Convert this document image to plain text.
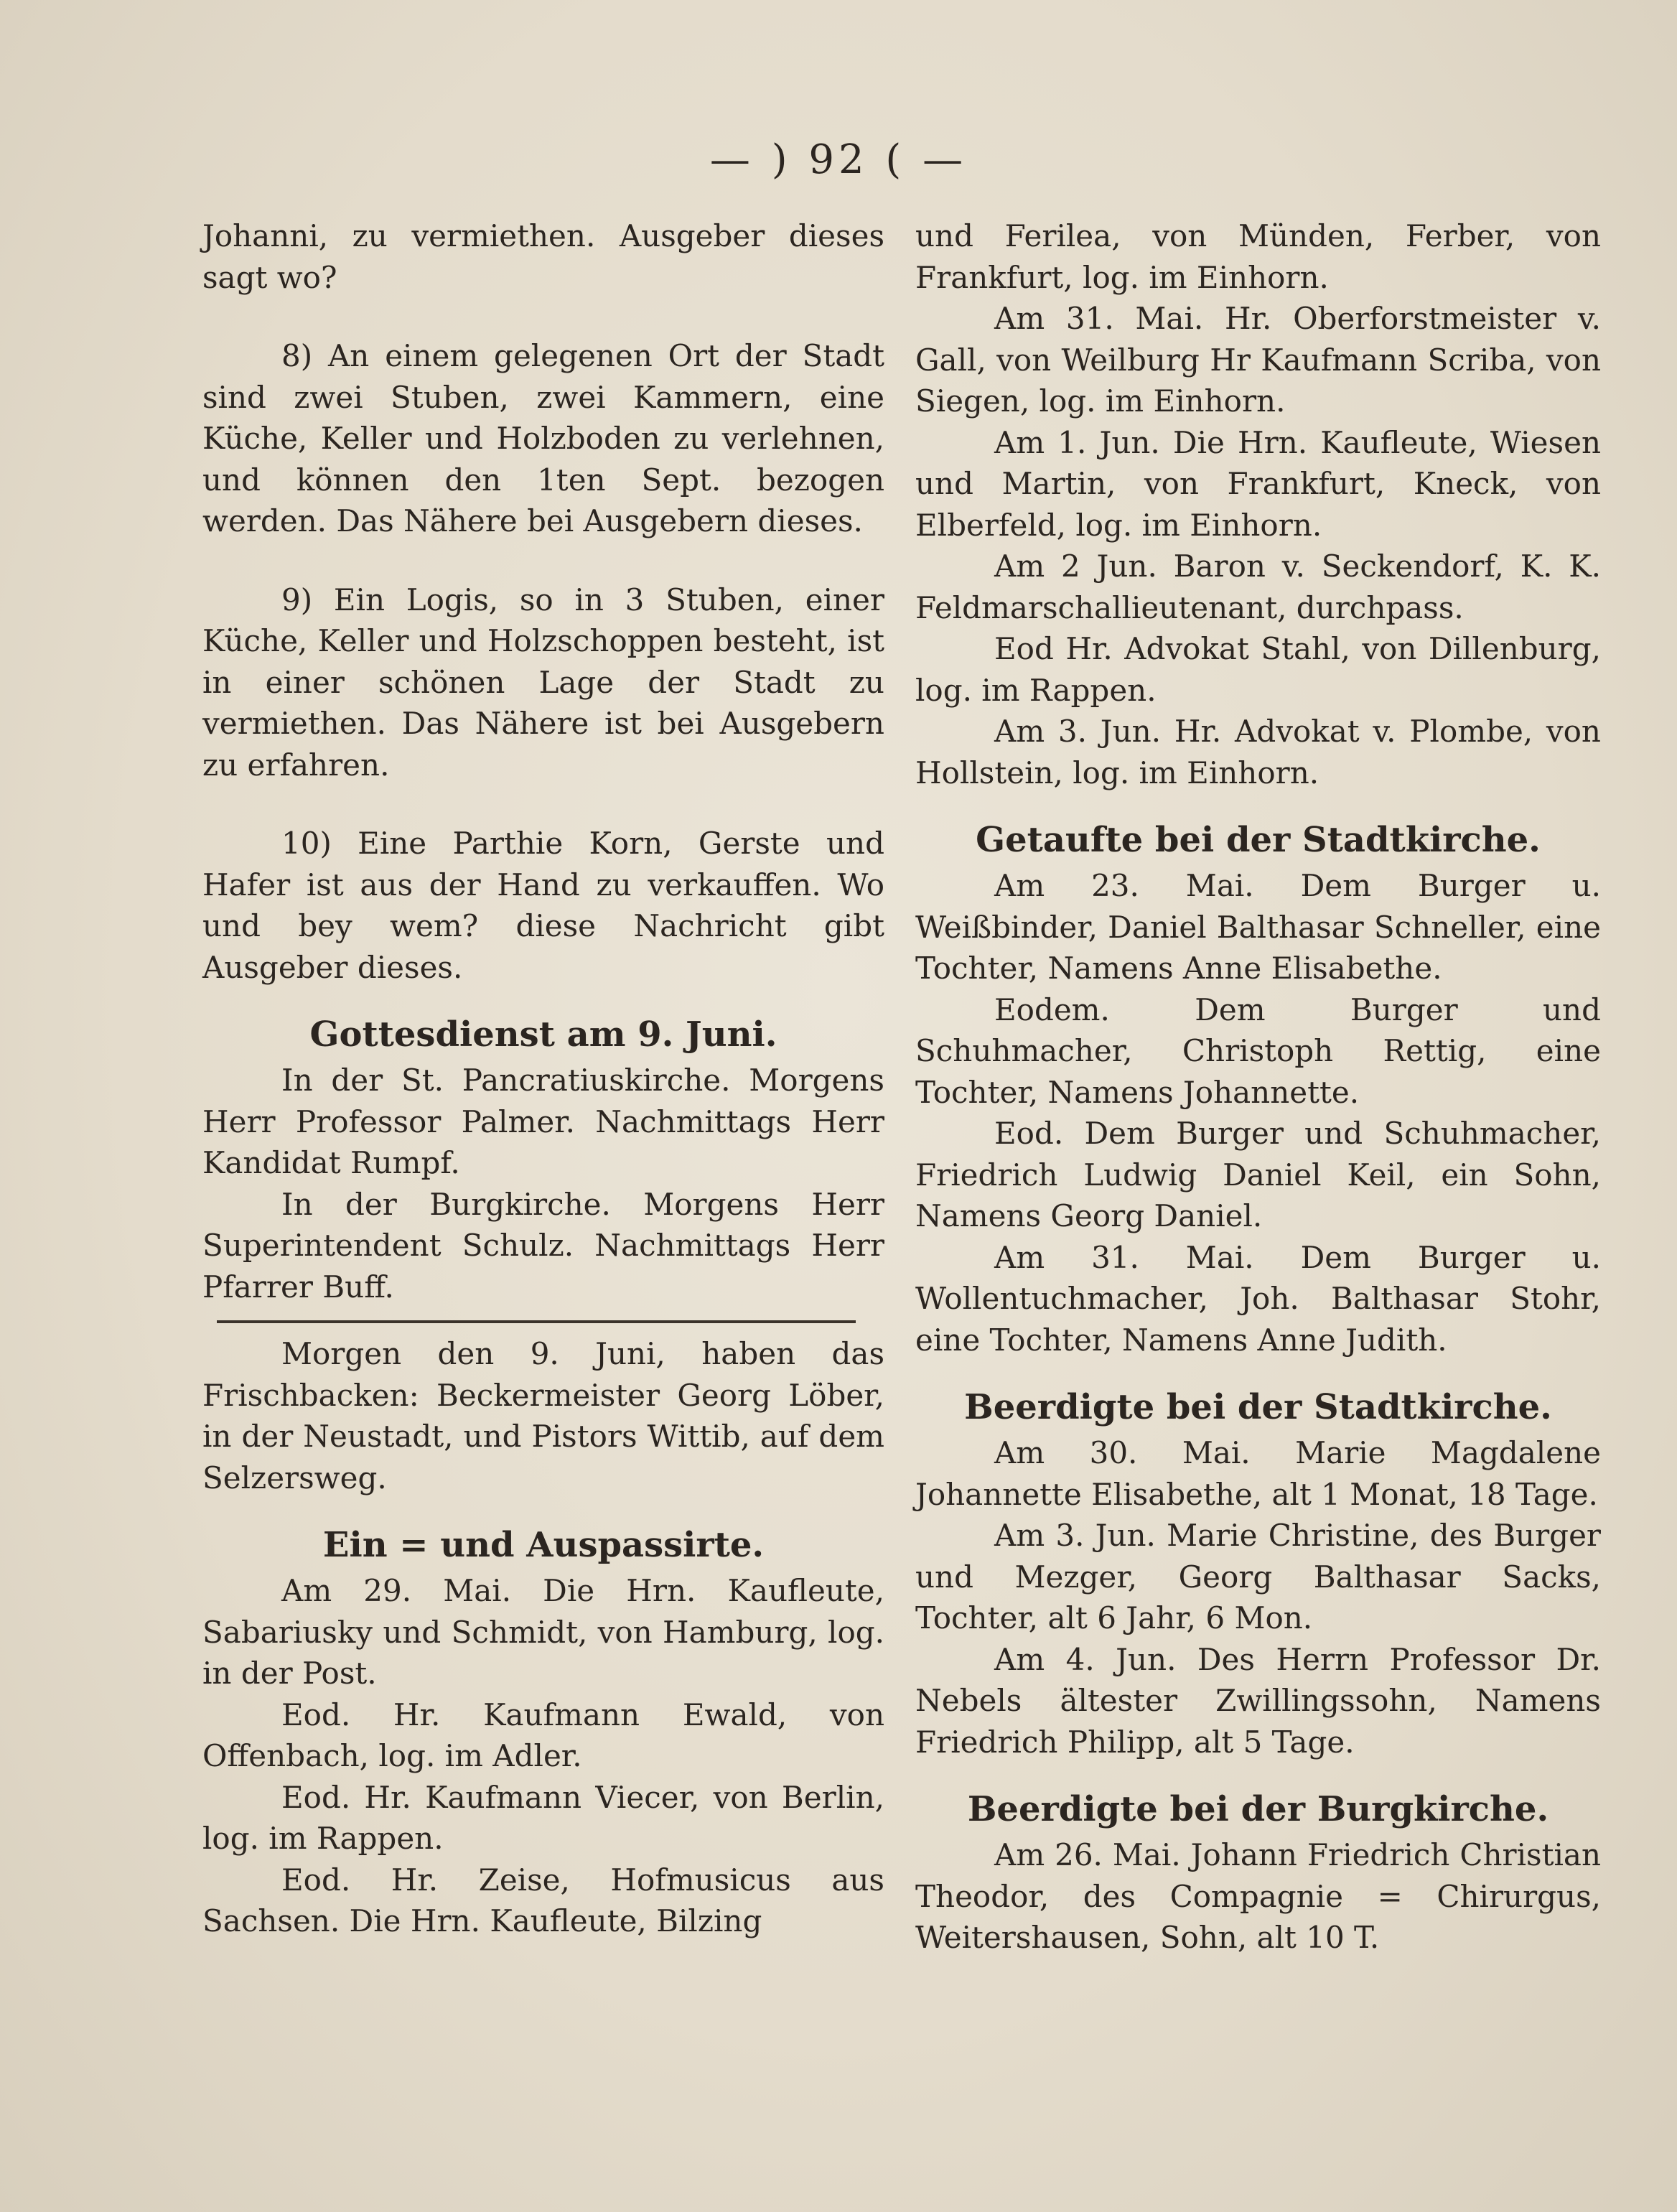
— ) 92 ( —

Johanni, zu vermiethen. Ausgeber dieses sagt wo?

8) An einem gelegenen Ort der Stadt sind zwei Stuben, zwei Kammern, eine Küche, Keller und Holzboden zu verlehnen, und können den 1ten Sept. bezogen werden. Das Nähere bei Ausgebern dieses.

9) Ein Logis, so in 3 Stuben, einer Küche, Keller und Holzschoppen besteht, ist in einer schönen Lage der Stadt zu vermiethen. Das Nähere ist bei Ausgebern zu erfahren.

10) Eine Parthie Korn, Gerste und Hafer ist aus der Hand zu verkauffen. Wo und bey wem? diese Nachricht gibt Ausgeber dieses.

Gottesdienst am 9. Juni.

In der St. Pancratiuskirche. Morgens Herr Professor Palmer. Nachmittags Herr Kandidat Rumpf.

In der Burgkirche. Morgens Herr Superintendent Schulz. Nachmittags Herr Pfarrer Buff.

Morgen den 9. Juni, haben das Frischbacken: Beckermeister Georg Löber, in der Neustadt, und Pistors Wittib, auf dem Selzersweg.

Ein = und Auspassirte.

Am 29. Mai. Die Hrn. Kaufleute, Sabariusky und Schmidt, von Hamburg, log. in der Post.

Eod. Hr. Kaufmann Ewald, von Offenbach, log. im Adler.

Eod. Hr. Kaufmann Viecer, von Berlin, log. im Rappen.

Eod. Hr. Zeise, Hofmusicus aus Sachsen. Die Hrn. Kaufleute, Bilzing

und Ferilea, von Münden, Ferber, von Frankfurt, log. im Einhorn.

Am 31. Mai. Hr. Oberforstmeister v. Gall, von Weilburg Hr Kaufmann Scriba, von Siegen, log. im Einhorn.

Am 1. Jun. Die Hrn. Kaufleute, Wiesen und Martin, von Frankfurt, Kneck, von Elberfeld, log. im Einhorn.

Am 2 Jun. Baron v. Seckendorf, K. K. Feldmarschallieutenant, durchpass.

Eod Hr. Advokat Stahl, von Dillenburg, log. im Rappen.

Am 3. Jun. Hr. Advokat v. Plombe, von Hollstein, log. im Einhorn.

Getaufte bei der Stadtkirche.

Am 23. Mai. Dem Burger u. Weißbinder, Daniel Balthasar Schneller, eine Tochter, Namens Anne Elisabethe.

Eodem. Dem Burger und Schuhmacher, Christoph Rettig, eine Tochter, Namens Johannette.

Eod. Dem Burger und Schuhmacher, Friedrich Ludwig Daniel Keil, ein Sohn, Namens Georg Daniel.

Am 31. Mai. Dem Burger u. Wollentuchmacher, Joh. Balthasar Stohr, eine Tochter, Namens Anne Judith.

Beerdigte bei der Stadtkirche.

Am 30. Mai. Marie Magdalene Johannette Elisabethe, alt 1 Monat, 18 Tage.

Am 3. Jun. Marie Christine, des Burger und Mezger, Georg Balthasar Sacks, Tochter, alt 6 Jahr, 6 Mon.

Am 4. Jun. Des Herrn Professor Dr. Nebels ältester Zwillingssohn, Namens Friedrich Philipp, alt 5 Tage.

Beerdigte bei der Burgkirche.

Am 26. Mai. Johann Friedrich Christian Theodor, des Compagnie = Chirurgus, Weitershausen, Sohn, alt 10 T.
